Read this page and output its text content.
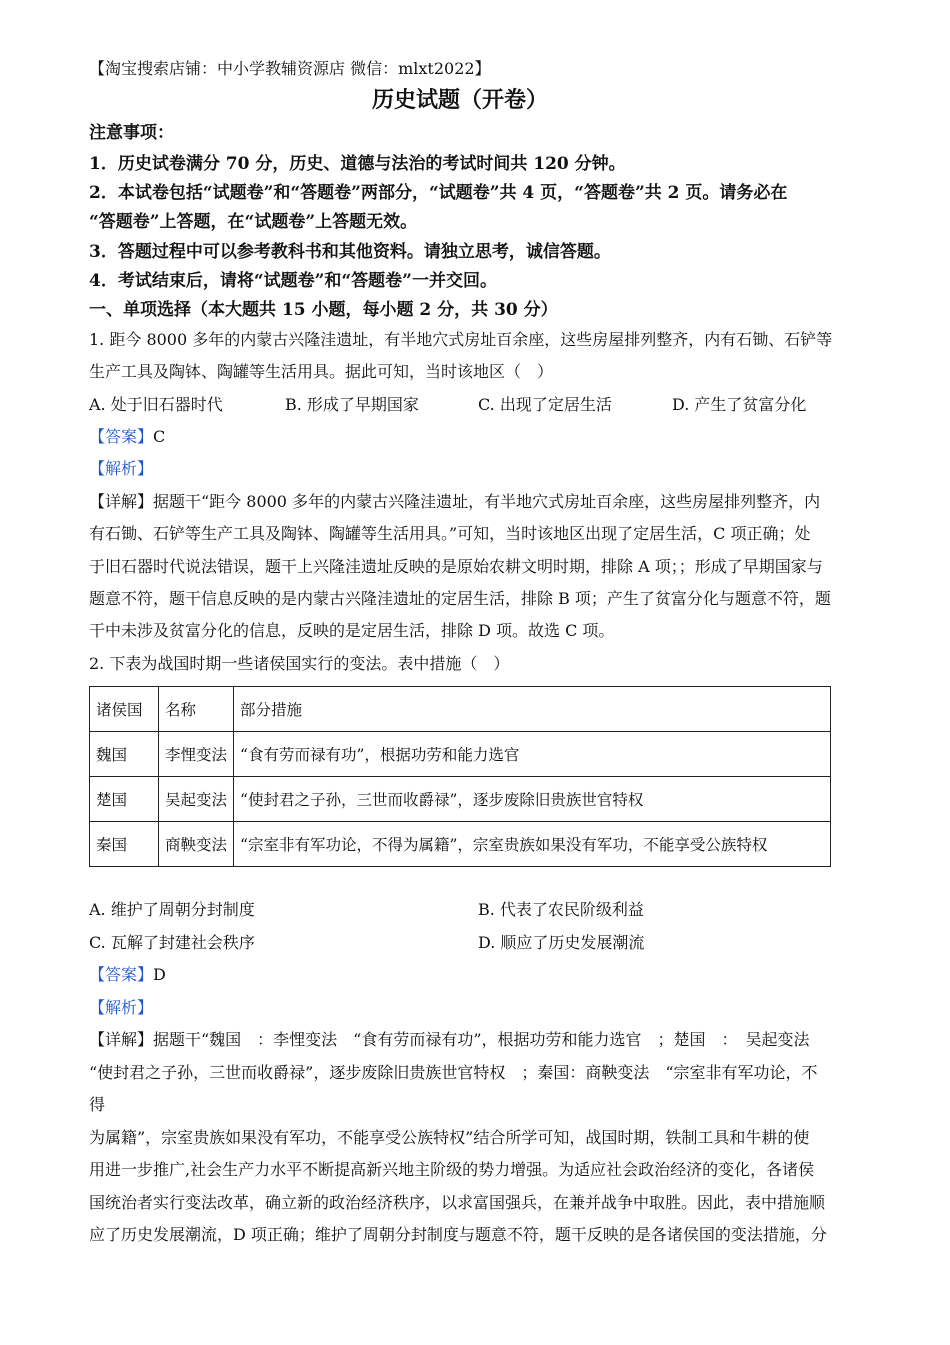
【淘宝搜索店铺：中小学教辅资源店 微信：mlxt2022】
历史试题（开卷）
注意事项：
1．历史试卷满分 70 分，历史、道德与法治的考试时间共 120 分钟。
2．本试卷包括“试题卷”和“答题卷”两部分，“试题卷”共 4 页，“答题卷”共 2 页。请务必在
“答题卷”上答题，在“试题卷”上答题无效。
3．答题过程中可以参考教科书和其他资料。请独立思考，诚信答题。
4．考试结束后，请将“试题卷”和“答题卷”一并交回。
一、单项选择（本大题共 15 小题，每小题 2 分，共 30 分）
1. 距今 8000 多年的内蒙古兴隆洼遗址，有半地穴式房址百余座，这些房屋排列整齐，内有石锄、石铲等
生产工具及陶钵、陶罐等生活用具。据此可知，当时该地区（　）
A. 处于旧石器时代	B. 形成了早期国家	C. 出现了定居生活	D. 产生了贫富分化
【答案】C
【解析】
【详解】据题干“距今 8000 多年的内蒙古兴隆洼遗址，有半地穴式房址百余座，这些房屋排列整齐，内
有石锄、石铲等生产工具及陶钵、陶罐等生活用具。”可知，当时该地区出现了定居生活，C 项正确；处
于旧石器时代说法错误，题干上兴隆洼遗址反映的是原始农耕文明时期，排除 A 项；；形成了早期国家与
题意不符，题干信息反映的是内蒙古兴隆洼遗址的定居生活，排除 B 项；产生了贫富分化与题意不符，题
干中未涉及贫富分化的信息，反映的是定居生活，排除 D 项。故选 C 项。
2. 下表为战国时期一些诸侯国实行的变法。表中措施（　）
诸侯国	名称	部分措施
魏国	李悝变法	“食有劳而禄有功”，根据功劳和能力选官
楚国	吴起变法	“使封君之子孙，三世而收爵禄”，逐步废除旧贵族世官特权
秦国	商鞅变法	“宗室非有军功论，不得为属籍”，宗室贵族如果没有军功，不能享受公族特权
A. 维护了周朝分封制度	B. 代表了农民阶级利益
C. 瓦解了封建社会秩序	D. 顺应了历史发展潮流
【答案】D
【解析】
【详解】据题干“魏国　：李悝变法　“食有劳而禄有功”，根据功劳和能力选官　；楚国　：　吴起变法
“使封君之子孙，三世而收爵禄”，逐步废除旧贵族世官特权　；秦国：商鞅变法　“宗室非有军功论，不
得
为属籍”，宗室贵族如果没有军功，不能享受公族特权”结合所学可知，战国时期，铁制工具和牛耕的使
用进一步推广,社会生产力水平不断提高新兴地主阶级的势力增强。为适应社会政治经济的变化，各诸侯
国统治者实行变法改革，确立新的政治经济秩序，以求富国强兵，在兼并战争中取胜。因此，表中措施顺
应了历史发展潮流，D 项正确；维护了周朝分封制度与题意不符，题干反映的是各诸侯国的变法措施，分
